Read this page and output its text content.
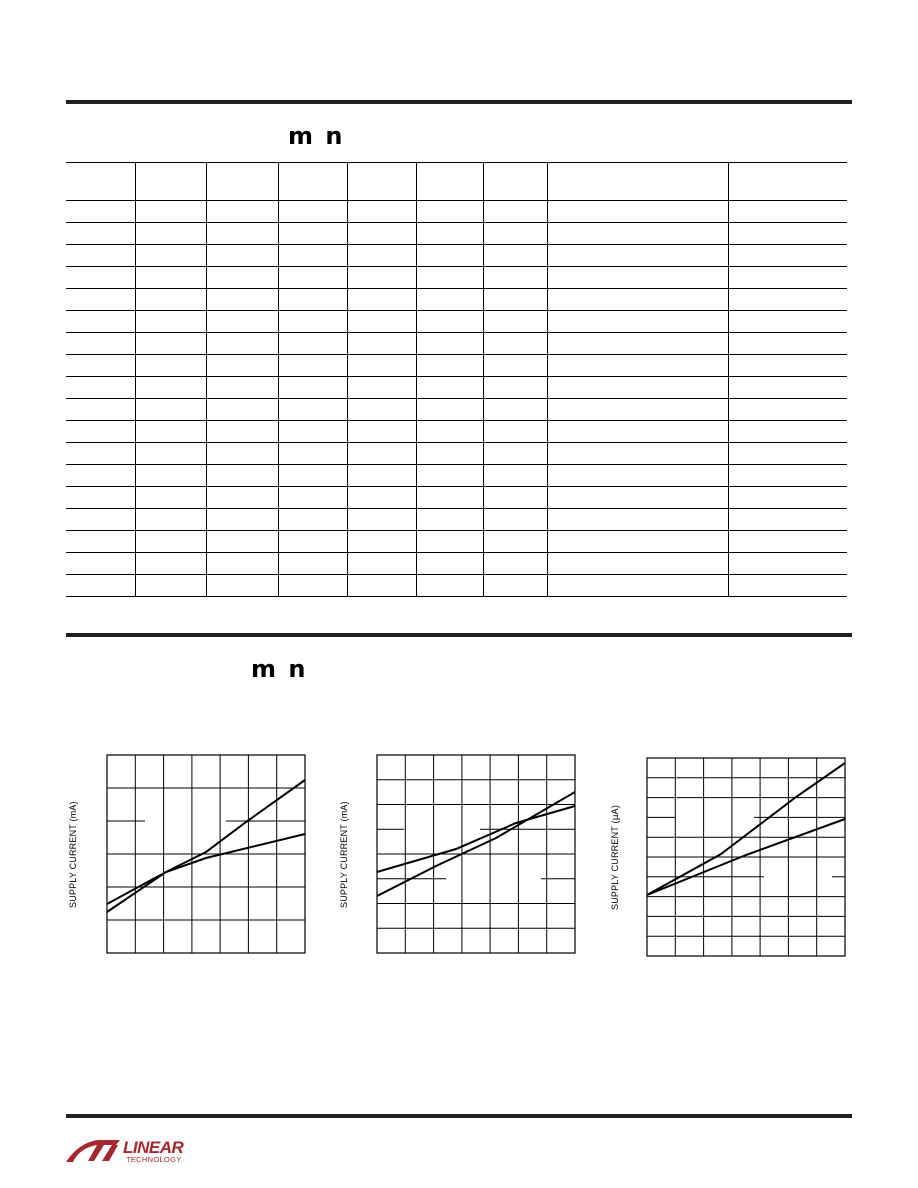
m n

m n
SUPPLY CURRENT (mA)	SUPPLY CURRENT (mA)	SUPPLY CURRENT (μA)
LINEAR
TECHNOLOGY
